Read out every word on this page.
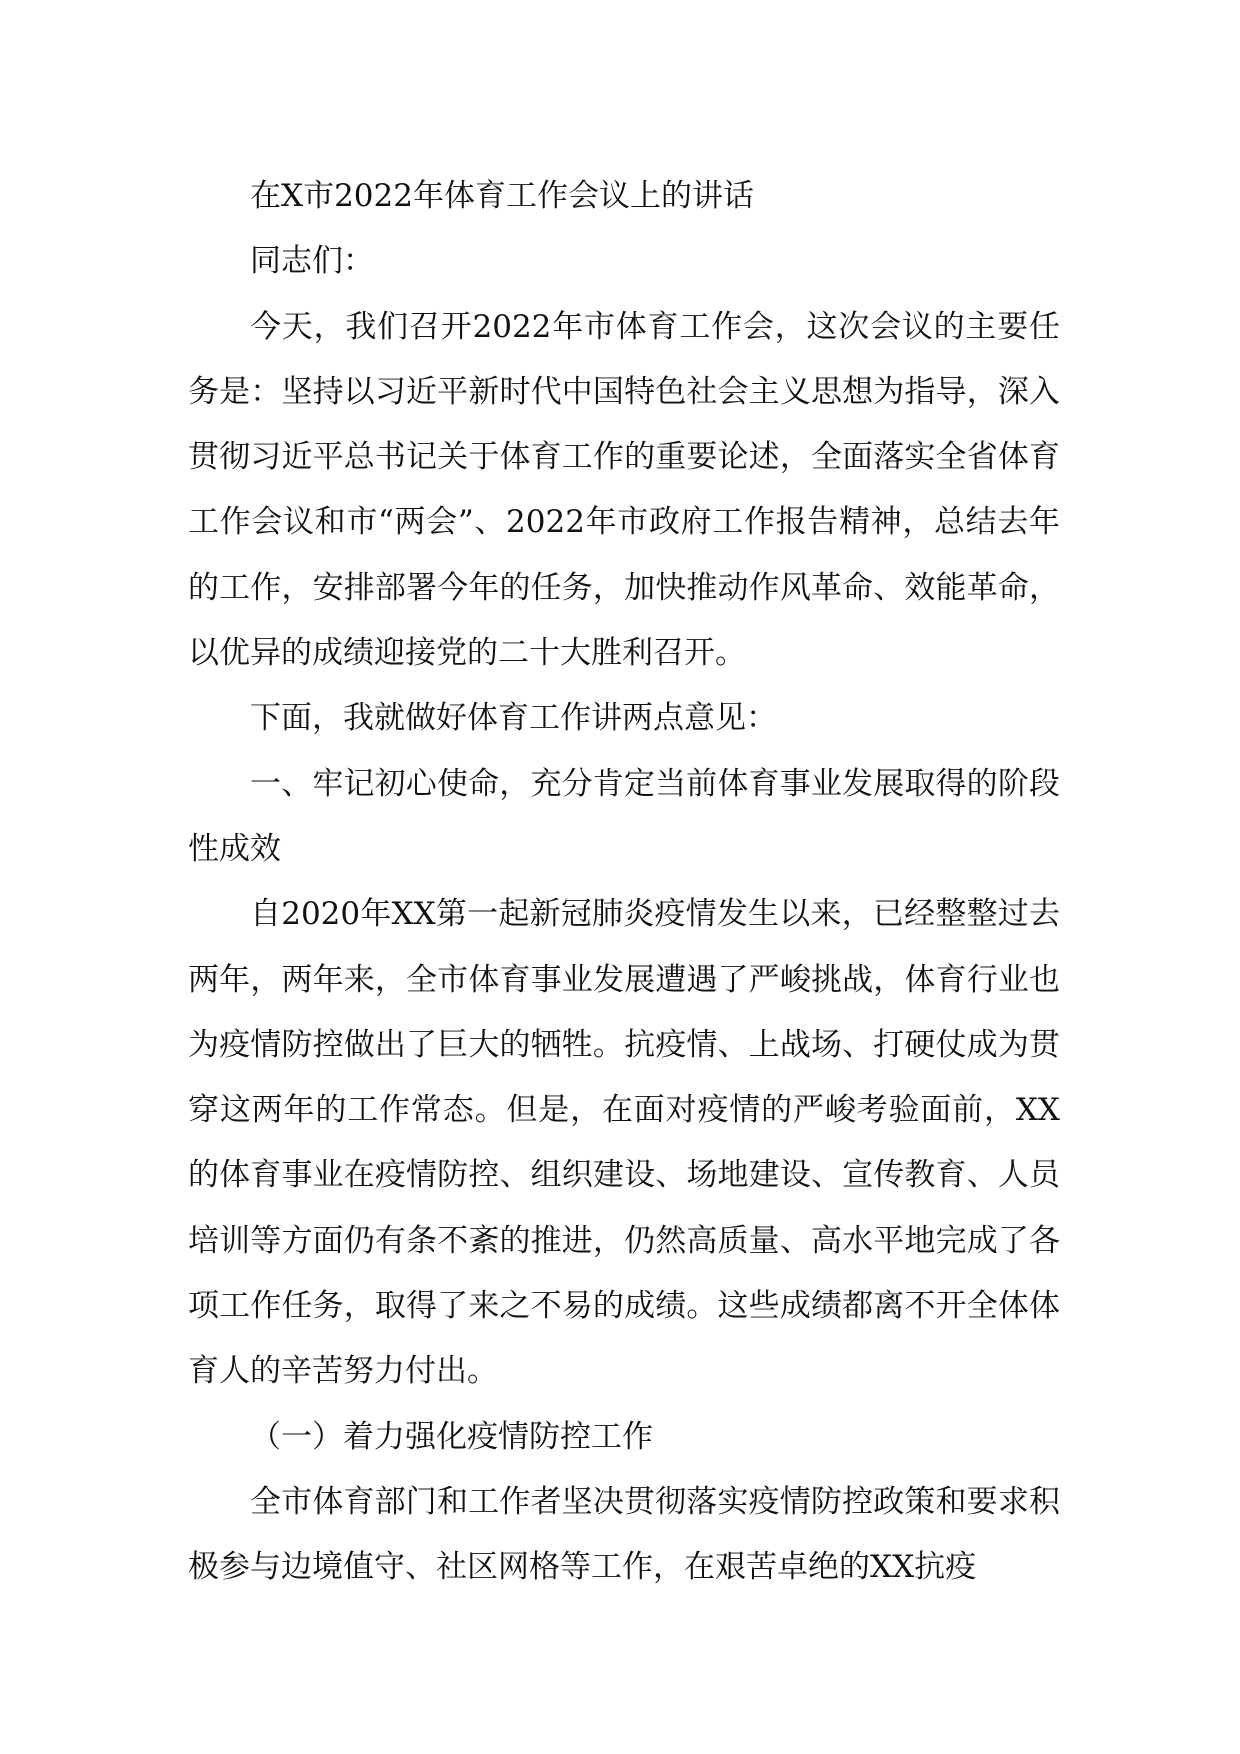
在X市2022年体育工作会议上的讲话

同志们：

今天，我们召开2022年市体育工作会，这次会议的主要任务是：坚持以习近平新时代中国特色社会主义思想为指导，深入贯彻习近平总书记关于体育工作的重要论述，全面落实全省体育工作会议和市“两会”、2022年市政府工作报告精神，总结去年的工作，安排部署今年的任务，加快推动作风革命、效能革命，以优异的成绩迎接党的二十大胜利召开。

下面，我就做好体育工作讲两点意见：

一、牢记初心使命，充分肯定当前体育事业发展取得的阶段性成效

自2020年XX第一起新冠肺炎疫情发生以来，已经整整过去两年，两年来，全市体育事业发展遭遇了严峻挑战，体育行业也为疫情防控做出了巨大的牺牲。抗疫情、上战场、打硬仗成为贯穿这两年的工作常态。但是，在面对疫情的严峻考验面前，XX的体育事业在疫情防控、组织建设、场地建设、宣传教育、人员培训等方面仍有条不紊的推进，仍然高质量、高水平地完成了各项工作任务，取得了来之不易的成绩。这些成绩都离不开全体体育人的辛苦努力付出。

（一）着力强化疫情防控工作

全市体育部门和工作者坚决贯彻落实疫情防控政策和要求积极参与边境值守、社区网格等工作，在艰苦卓绝的XX抗疫
